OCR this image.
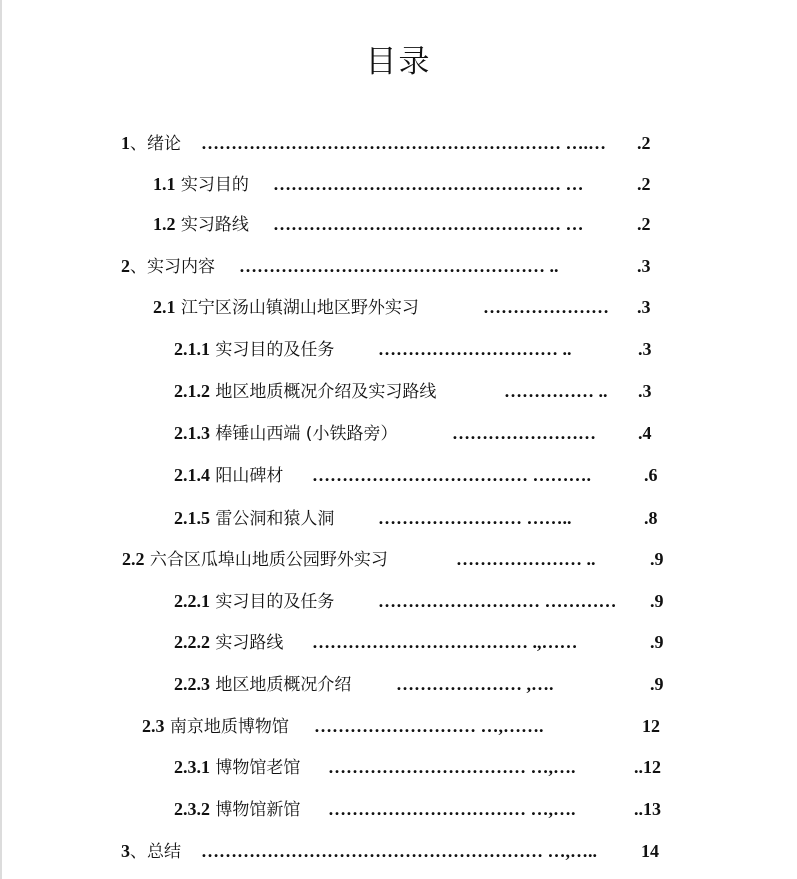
目录
1、绪论 …………………………………………………… ….… .2
1.1 实习目的 ………………………………………… …	.2
1.2 实习路线 ………………………………………… …	.2
2、实习内容 …………………………………………… ..	.3
2.1 江宁区汤山镇湖山地区野外实习	………………… .3
2.1.1 实习目的及任务 ………………………… ..	.3
2.1.2 地区地质概况介绍及实习路线	…………… .. .3
2.1.3 棒锤山西端 (小铁路旁）	…………………… .4
2.1.4 阳山碑材 ……………………………… ……….	.6
2.1.5 雷公洞和猿人洞 …………………… ……..	.8
2.2 六合区瓜埠山地质公园野外实习	………………… ..	.9
2.2.1 实习目的及任务 ……………………… ………… .9
2.2.2 实习路线 ……………………………… .,……	.9
2.2.3 地区地质概况介绍 ………………… ,….	.9
2.3 南京地质博物馆 ……………………… …,…….	12
2.3.1 博物馆老馆 …………………………… …,….	..12
2.3.2 博物馆新馆 …………………………… …,….	..13
3、总结 ………………………………………………… …,….. 14
